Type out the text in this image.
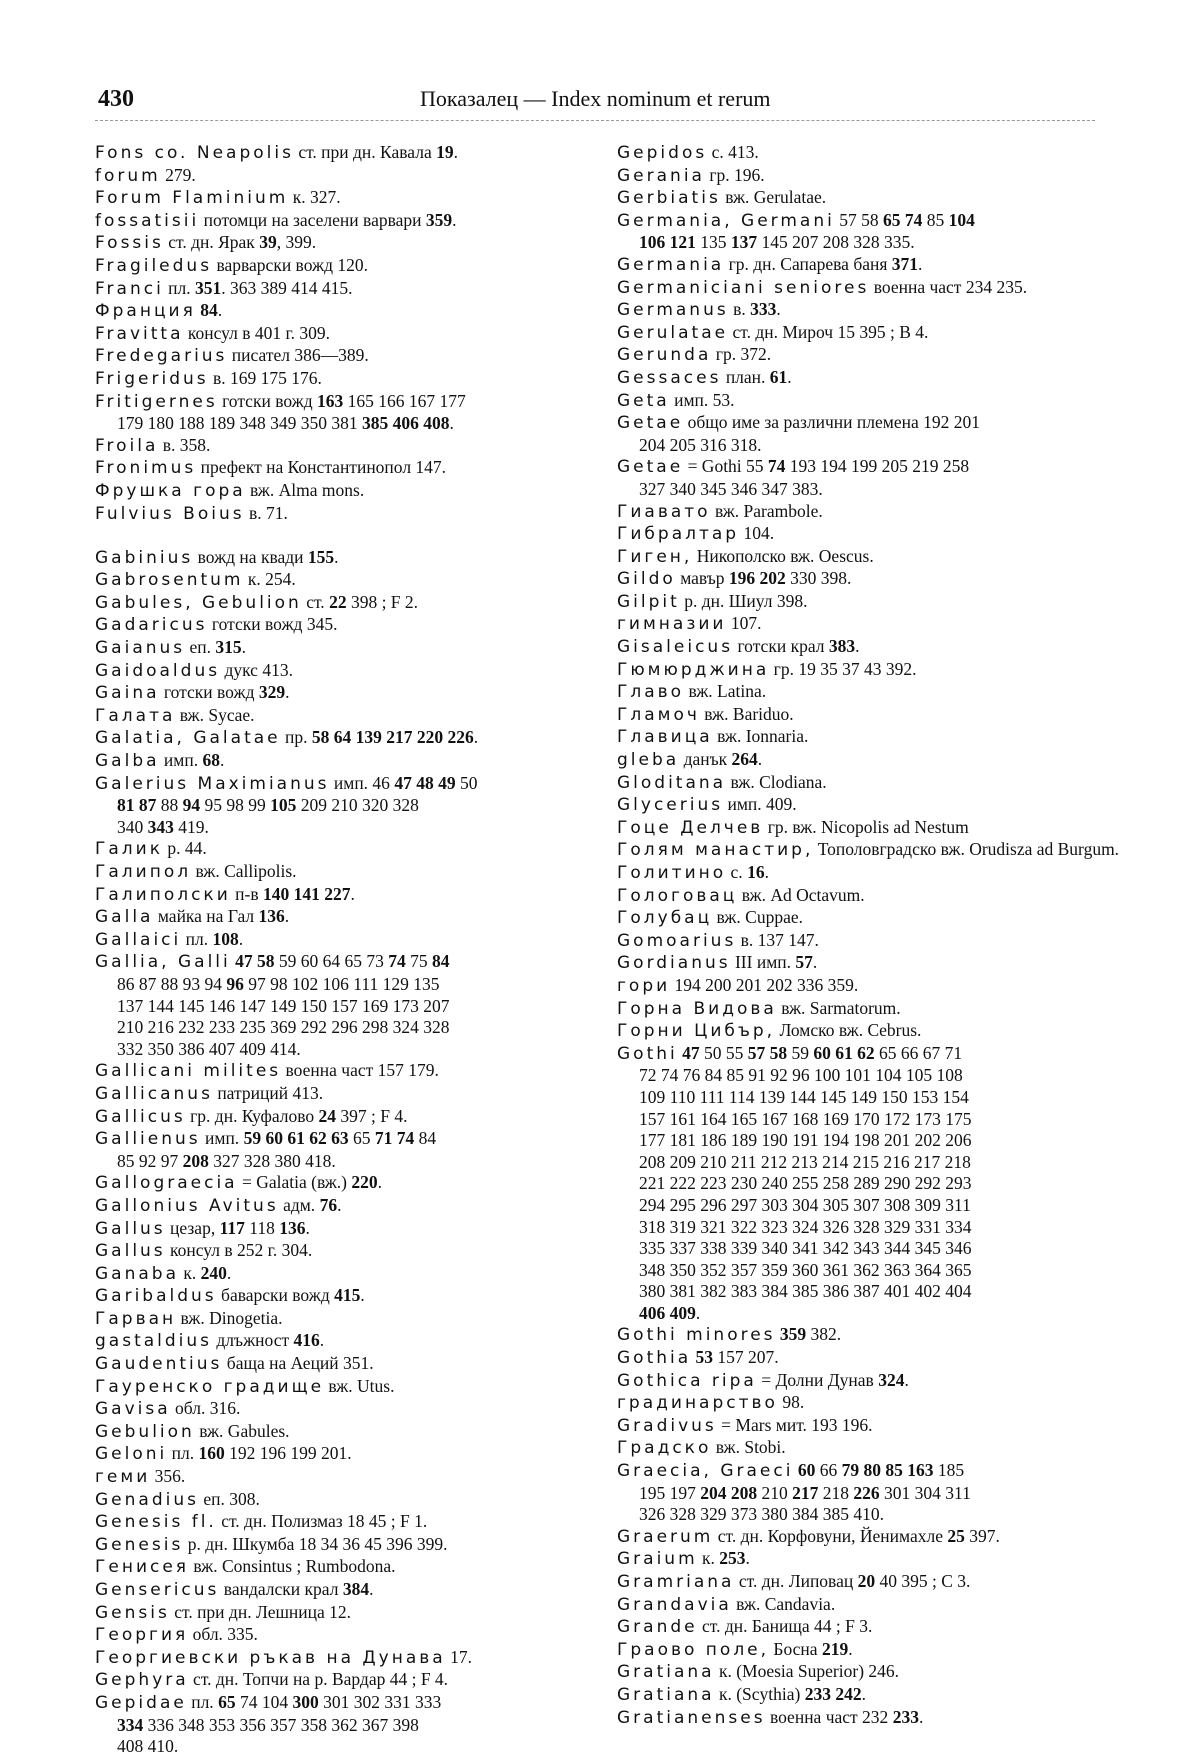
430	Показалец — Index nominum et rerum
Fons co. Neapolis ст. при дн. Кавала 19.
forum 279.
Forum Flaminium к. 327.
fossatisii потомци на заселени варвари 359.
Fossis ст. дн. Ярак 39, 399.
Fragiledus варварски вожд 120.
Franci пл. 351. 363 389 414 415.
Франция 84.
Fravitta консул в 401 г. 309.
Fredegarius писател 386—389.
Frigeridus в. 169 175 176.
Fritigernes готски вожд 163 165 166 167 177
179 180 188 189 348 349 350 381 385 406 408.
Froila в. 358.
Fronimus префект на Константинопол 147.
Фрушка гора вж. Alma mons.
Fulvius Boius в. 71.
Gabinius вожд на квади 155.
Gabrosentum к. 254.
Gabules, Gebulion ст. 22 398 ; F 2.
Gadaricus готски вожд 345.
Gaianus еп. 315.
Gaidoaldus дукс 413.
Gaina готски вожд 329.
Галата вж. Sycae.
Galatia, Galatae пр. 58 64 139 217 220 226.
Galba имп. 68.
Galerius Maximianus имп. 46 47 48 49 50
81 87 88 94 95 98 99 105 209 210 320 328
340 343 419.
Галик р. 44.
Галипол вж. Callipolis.
Галиполски п-в 140 141 227.
Galla майка на Гал 136.
Gallaici пл. 108.
Gallia, Galli 47 58 59 60 64 65 73 74 75 84
86 87 88 93 94 96 97 98 102 106 111 129 135
137 144 145 146 147 149 150 157 169 173 207
210 216 232 233 235 369 292 296 298 324 328
332 350 386 407 409 414.
Gallicani milites военна част 157 179.
Gallicanus патриций 413.
Gallicus гр. дн. Куфалово 24 397 ; F 4.
Gallienus имп. 59 60 61 62 63 65 71 74 84
85 92 97 208 327 328 380 418.
Gallograecia = Galatia (вж.) 220.
Gallonius Avitus адм. 76.
Gallus цезар, 117 118 136.
Gallus консул в 252 г. 304.
Ganaba к. 240.
Garibaldus баварски вожд 415.
Гарван вж. Dinogetia.
gastaldius длъжност 416.
Gaudentius баща на Аеций 351.
Гауренско градище вж. Utus.
Gavisa обл. 316.
Gebulion вж. Gabules.
Geloni пл. 160 192 196 199 201.
геми 356.
Genadius еп. 308.
Genesis fl. ст. дн. Полизмаз 18 45 ; F 1.
Genesis р. дн. Шкумба 18 34 36 45 396 399.
Генисея вж. Consintus ; Rumbodona.
Gensericus вандалски крал 384.
Gensis ст. при дн. Лешница 12.
Георгия обл. 335.
Георгиевски ръкав на Дунава 17.
Gephyra ст. дн. Топчи на р. Вардар 44 ; F 4.
Gepidae пл. 65 74 104 300 301 302 331 333
334 336 348 353 356 357 358 362 367 398
408 410.
Gepidos с. 413.
Gerania гр. 196.
Gerbiatis вж. Gerulatae.
Germania, Germani 57 58 65 74 85 104
106 121 135 137 145 207 208 328 335.
Germania гр. дн. Сапарева баня 371.
Germaniciani seniores военна част 234 235.
Germanus в. 333.
Gerulatae ст. дн. Мироч 15 395 ; B 4.
Gerunda гр. 372.
Gessaces план. 61.
Geta имп. 53.
Getae общо име за различни племена 192 201
204 205 316 318.
Getae = Gothi 55 74 193 194 199 205 219 258
327 340 345 346 347 383.
Гиавато вж. Parambole.
Гибралтар 104.
Гиген, Никополско вж. Oescus.
Gildo мавър 196 202 330 398.
Gilpit р. дн. Шиул 398.
гимназии 107.
Gisaleicus готски крал 383.
Гюмюрджина гр. 19 35 37 43 392.
Главо вж. Latina.
Гламоч вж. Bariduo.
Главица вж. Ionnaria.
gleba данък 264.
Gloditana вж. Clodiana.
Glycerius имп. 409.
Гоце Делчев гр. вж. Nicopolis ad Nestum
Голям манастир, Тополовградско вж. Orudisza ad Burgum.
Голитино с. 16.
Гологовац вж. Ad Octavum.
Голубац вж. Cuppae.
Gomoarius в. 137 147.
Gordianus III имп. 57.
гори 194 200 201 202 336 359.
Горна Видова вж. Sarmatorum.
Горни Цибър, Ломско вж. Cebrus.
Gothi 47 50 55 57 58 59 60 61 62 65 66 67 71
72 74 76 84 85 91 92 96 100 101 104 105 108
109 110 111 114 139 144 145 149 150 153 154
157 161 164 165 167 168 169 170 172 173 175
177 181 186 189 190 191 194 198 201 202 206
208 209 210 211 212 213 214 215 216 217 218
221 222 223 230 240 255 258 289 290 292 293
294 295 296 297 303 304 305 307 308 309 311
318 319 321 322 323 324 326 328 329 331 334
335 337 338 339 340 341 342 343 344 345 346
348 350 352 357 359 360 361 362 363 364 365
380 381 382 383 384 385 386 387 401 402 404
406 409.
Gothi minores 359 382.
Gothia 53 157 207.
Gothica ripa = Долни Дунав 324.
градинарство 98.
Gradivus = Mars мит. 193 196.
Градско вж. Stobi.
Graecia, Graeci 60 66 79 80 85 163 185
195 197 204 208 210 217 218 226 301 304 311
326 328 329 373 380 384 385 410.
Graerum ст. дн. Корфовуни, Йенимахле 25 397.
Graium к. 253.
Gramriana ст. дн. Липовац 20 40 395 ; C 3.
Grandavia вж. Candavia.
Grande ст. дн. Банища 44 ; F 3.
Граово поле, Босна 219.
Gratiana к. (Moesia Superior) 246.
Gratiana к. (Scythia) 233 242.
Gratianenses военна част 232 233.
